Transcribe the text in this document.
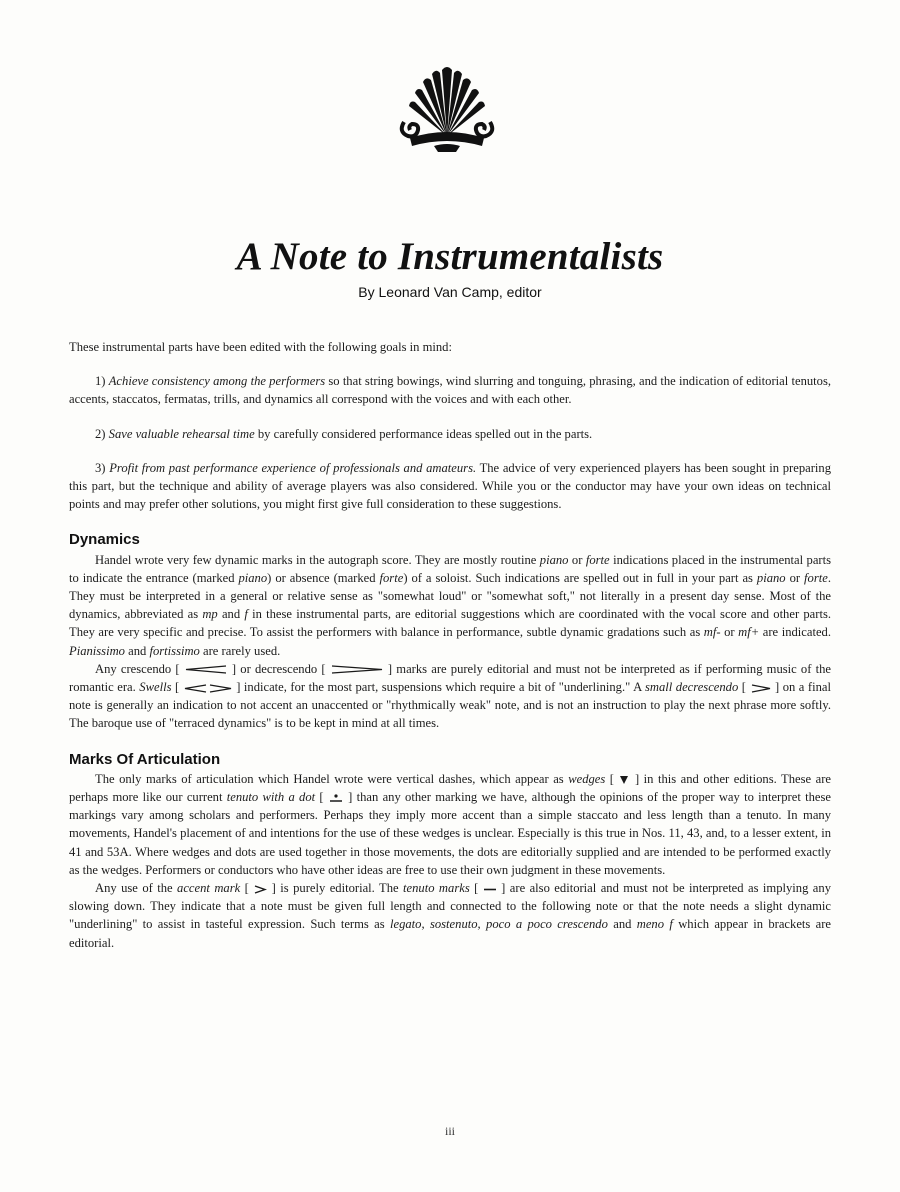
A Note to Instrumentalists
By Leonard Van Camp, editor

These instrumental parts have been edited with the following goals in mind:

1) Achieve consistency among the performers so that string bowings, wind slurring and tonguing, phrasing, and the indication of editorial tenutos, accents, staccatos, fermatas, trills, and dynamics all correspond with the voices and with each other.

2) Save valuable rehearsal time by carefully considered performance ideas spelled out in the parts.

3) Profit from past performance experience of professionals and amateurs. The advice of very experienced players has been sought in preparing this part, but the technique and ability of average players was also considered. While you or the conductor may have your own ideas on technical points and may prefer other solutions, you might first give full consideration to these suggestions.

Dynamics

Handel wrote very few dynamic marks in the autograph score. They are mostly routine piano or forte indications placed in the instrumental parts to indicate the entrance (marked piano) or absence (marked forte) of a soloist. Such indications are spelled out in full in your part as piano or forte. They must be interpreted in a general or relative sense as "somewhat loud" or "somewhat soft," not literally in a present day sense. Most of the dynamics, abbreviated as mp and f in these instrumental parts, are editorial suggestions which are coordinated with the vocal score and other parts. They are very specific and precise. To assist the performers with balance in performance, subtle dynamic gradations such as mf- or mf+ are indicated. Pianissimo and fortissimo are rarely used.

Any crescendo [	] or decrescendo [	] marks are purely editorial and must not be interpreted as if performing music of the romantic era. Swells [	] indicate, for the most part, suspensions which require a bit of "underlining." A small decrescendo [  ] on a final note is generally an indication to not accent an unaccented or "rhythmically weak" note, and is not an instruction to play the next phrase more softly. The baroque use of "terraced dynamics" is to be kept in mind at all times.

Marks Of Articulation

The only marks of articulation which Handel wrote were vertical dashes, which appear as wedges [  ] in this and other editions. These are perhaps more like our current tenuto with a dot [  ] than any other marking we have, although the opinions of the proper way to interpret these markings vary among scholars and performers. Perhaps they imply more accent than a simple staccato and less length than a tenuto. In many movements, Handel's placement of and intentions for the use of these wedges is unclear. Especially is this true in Nos. 11, 43, and, to a lesser extent, in 41 and 53A. Where wedges and dots are used together in those movements, the dots are editorially supplied and are intended to be performed exactly as the wedges. Performers or conductors who have other ideas are free to use their own judgment in these movements.

Any use of the accent mark [  ] is purely editorial. The tenuto marks [  ] are also editorial and must not be interpreted as implying any slowing down. They indicate that a note must be given full length and connected to the following note or that the note needs a slight dynamic "underlining" to assist in tasteful expression. Such terms as legato, sostenuto, poco a poco crescendo and meno f which appear in brackets are editorial.

iii
